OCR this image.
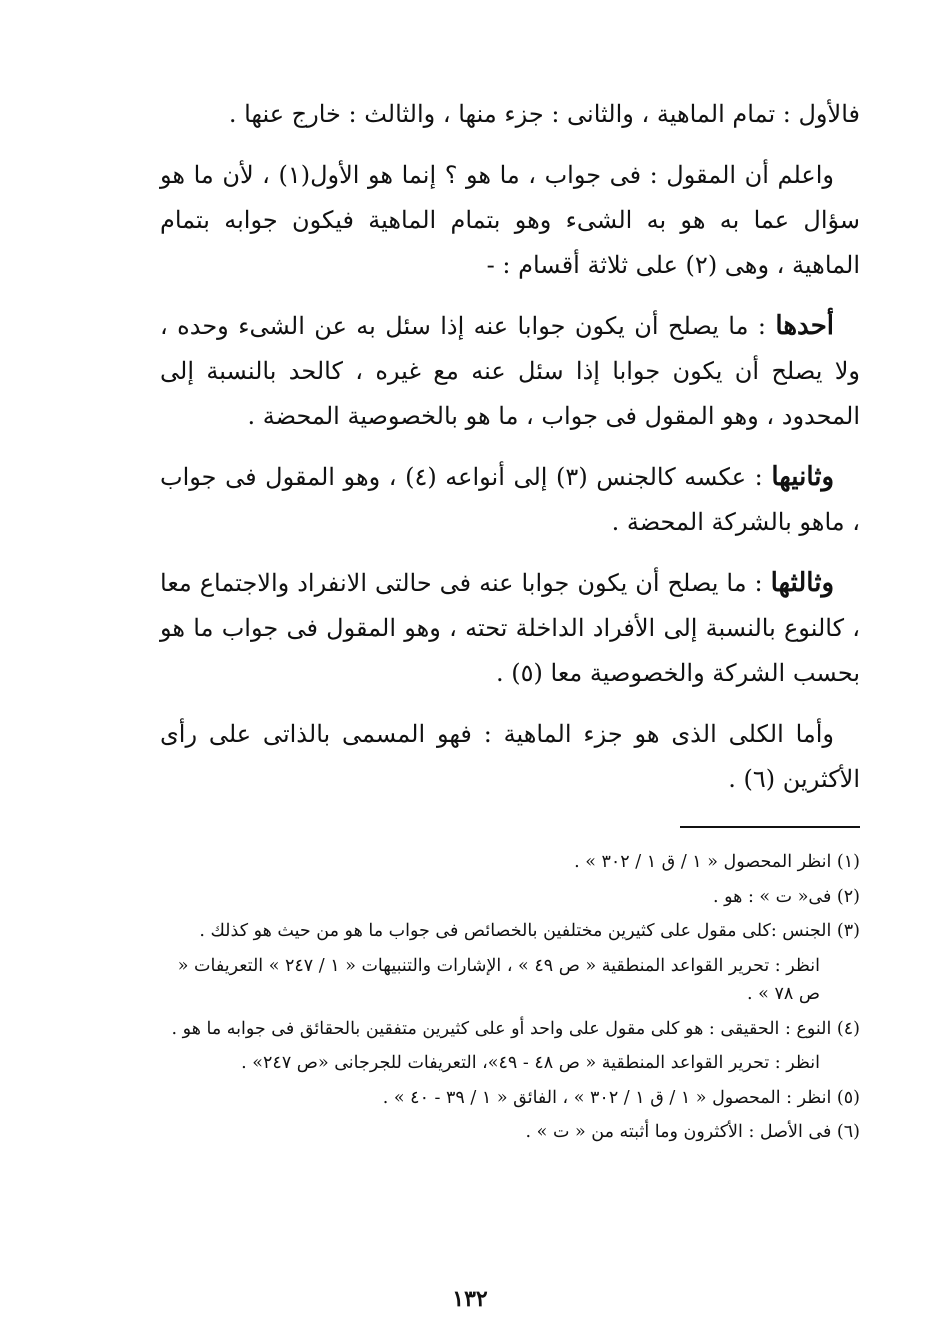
فالأول : تمام الماهية ، والثانى : جزء منها ، والثالث : خارج عنها .

واعلم أن المقول : فى جواب ، ما هو ؟ إنما هو الأول(١) ، لأن ما هو سؤال عما به هو به الشىء وهو بتمام الماهية فيكون جوابه بتمام الماهية ، وهى (٢) على ثلاثة أقسام : -

أحدها : ما يصلح أن يكون جوابا عنه إذا سئل به عن الشىء وحده ، ولا يصلح أن يكون جوابا إذا سئل عنه مع غيره ، كالحد بالنسبة إلى المحدود ، وهو المقول فى جواب ، ما هو بالخصوصية المحضة .

وثانيها : عكسه كالجنس (٣) إلى أنواعه (٤) ، وهو المقول فى جواب ، ماهو بالشركة المحضة .

وثالثها : ما يصلح أن يكون جوابا عنه فى حالتى الانفراد والاجتماع معا ، كالنوع بالنسبة إلى الأفراد الداخلة تحته ، وهو المقول فى جواب ما هو بحسب الشركة والخصوصية معا (٥) .

وأما الكلى الذى هو جزء الماهية : فهو المسمى بالذاتى على رأى الأكثرين (٦) .

(١) انظر المحصول « ١ / ق ١ / ٣٠٢ » .
(٢) فى« ت » : هو .
(٣) الجنس :كلى مقول على كثيرين مختلفين بالخصائص فى جواب ما هو من حيث هو كذلك .
انظر : تحرير القواعد المنطقية « ص ٤٩ » ، الإشارات والتنبيهات « ١ / ٢٤٧ » التعريفات « ص ٧٨ » .
(٤) النوع : الحقيقى : هو كلى مقول على واحد أو على كثيرين متفقين بالحقائق فى جوابه ما هو .
انظر : تحرير القواعد المنطقية « ص ٤٨ - ٤٩»، التعريفات للجرجانى «ص ٢٤٧» .
(٥) انظر : المحصول « ١ / ق ١ / ٣٠٢ » ، الفائق « ١ / ٣٩ - ٤٠ » .
(٦) فى الأصل : الأكثرون وما أثبته من « ت » .
١٣٢
